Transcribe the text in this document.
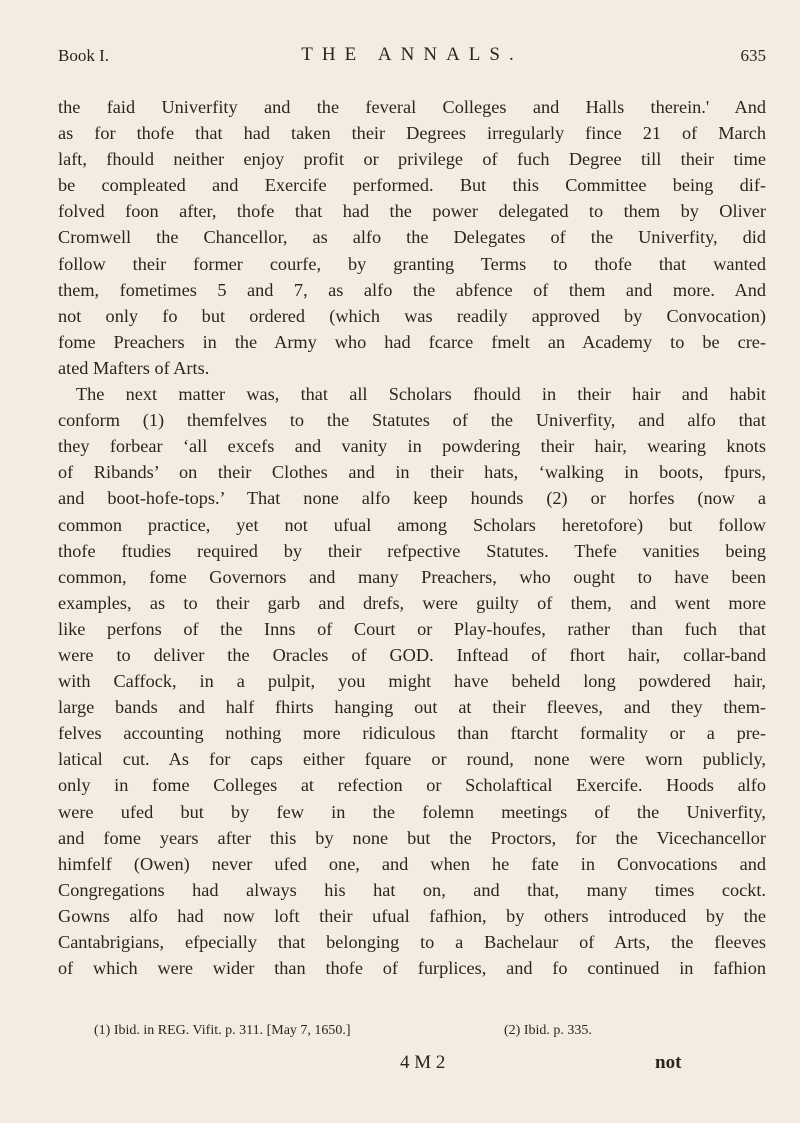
Book I.	THE ANNALS.	635
the faid Univerfity and the feveral Colleges and Halls therein.' And
as for thofe that had taken their Degrees irregularly fince 21 of March
laft, fhould neither enjoy profit or privilege of fuch Degree till their time
be compleated and Exercife performed. But this Committee being dif-
folved foon after, thofe that had the power delegated to them by Oliver
Cromwell the Chancellor, as alfo the Delegates of the Univerfity, did
follow their former courfe, by granting Terms to thofe that wanted
them, fometimes 5 and 7, as alfo the abfence of them and more. And
not only fo but ordered (which was readily approved by Convocation)
fome Preachers in the Army who had fcarce fmelt an Academy to be cre-
ated Mafters of Arts.
The next matter was, that all Scholars fhould in their hair and habit
conform (1) themfelves to the Statutes of the Univerfity, and alfo that
they forbear ‘all excefs and vanity in powdering their hair, wearing knots
of Ribands’ on their Clothes and in their hats, ‘walking in boots, fpurs,
and boot-hofe-tops.’ That none alfo keep hounds (2) or horfes (now a
common practice, yet not ufual among Scholars heretofore) but follow
thofe ftudies required by their refpective Statutes. Thefe vanities being
common, fome Governors and many Preachers, who ought to have been
examples, as to their garb and drefs, were guilty of them, and went more
like perfons of the Inns of Court or Play-houfes, rather than fuch that
were to deliver the Oracles of GOD. Inftead of fhort hair, collar-band
with Caffock, in a pulpit, you might have beheld long powdered hair,
large bands and half fhirts hanging out at their fleeves, and they them-
felves accounting nothing more ridiculous than ftarcht formality or a pre-
latical cut. As for caps either fquare or round, none were worn publicly,
only in fome Colleges at refection or Scholaftical Exercife. Hoods alfo
were ufed but by few in the folemn meetings of the Univerfity,
and fome years after this by none but the Proctors, for the Vicechancellor
himfelf (Owen) never ufed one, and when he fate in Convocations and
Congregations had always his hat on, and that, many times cockt.
Gowns alfo had now loft their ufual fafhion, by others introduced by the
Cantabrigians, efpecially that belonging to a Bachelaur of Arts, the fleeves
of which were wider than thofe of furplices, and fo continued in fafhion
(1) Ibid. in REG. Vifit. p. 311. [May 7, 1650.]	(2) Ibid. p. 335.
4 M 2	not
